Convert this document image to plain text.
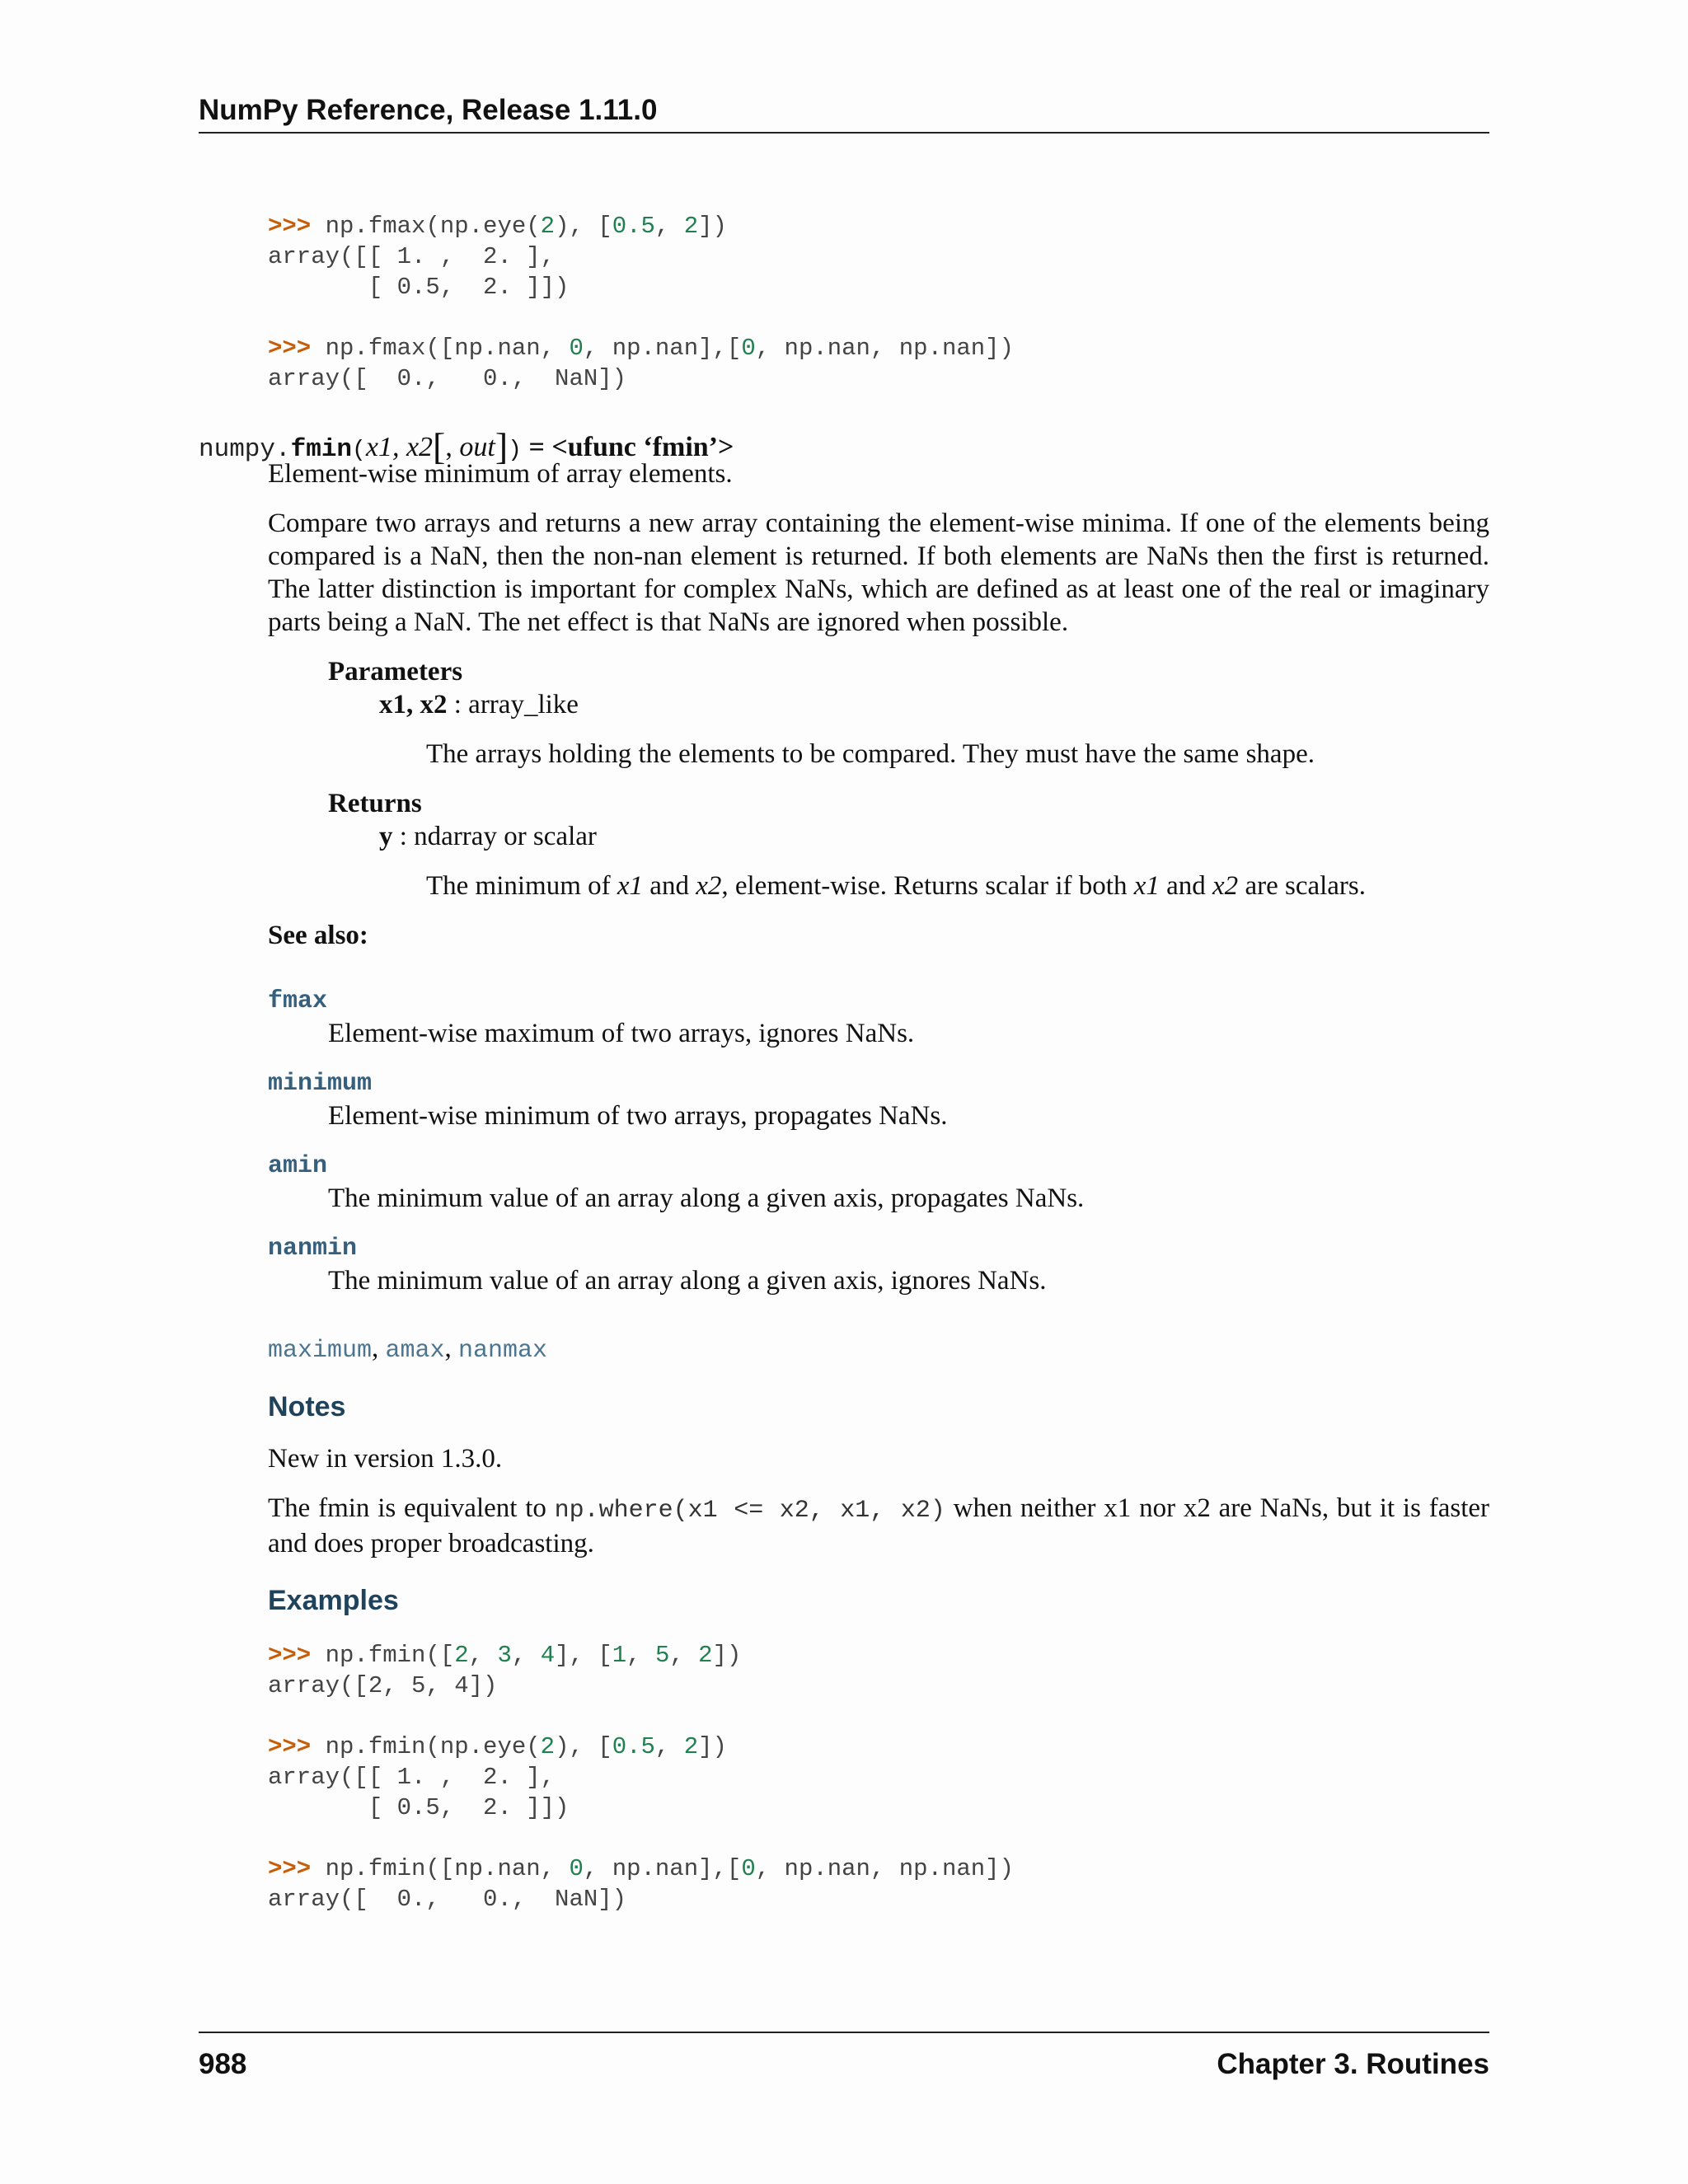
NumPy Reference, Release 1.11.0
>>> np.fmax(np.eye(2), [0.5, 2])
array([[ 1. ,  2. ],
[ 0.5,  2. ]])
>>> np.fmax([np.nan, 0, np.nan],[0, np.nan, np.nan])
array([  0.,   0.,  NaN])
numpy.fmin(x1, x2[, out]) = <ufunc ‘fmin’>
Element-wise minimum of array elements.
Compare two arrays and returns a new array containing the element-wise minima. If one of the elements being compared is a NaN, then the non-nan element is returned. If both elements are NaNs then the first is returned. The latter distinction is important for complex NaNs, which are defined as at least one of the real or imaginary parts being a NaN. The net effect is that NaNs are ignored when possible.
Parameters
x1, x2 : array_like
The arrays holding the elements to be compared. They must have the same shape.
Returns
y : ndarray or scalar
The minimum of x1 and x2, element-wise. Returns scalar if both x1 and x2 are scalars.
See also:
fmax
Element-wise maximum of two arrays, ignores NaNs.
minimum
Element-wise minimum of two arrays, propagates NaNs.
amin
The minimum value of an array along a given axis, propagates NaNs.
nanmin
The minimum value of an array along a given axis, ignores NaNs.
maximum, amax, nanmax
Notes
New in version 1.3.0.
The fmin is equivalent to np.where(x1 <= x2, x1, x2) when neither x1 nor x2 are NaNs, but it is faster and does proper broadcasting.
Examples
>>> np.fmin([2, 3, 4], [1, 5, 2])
array([2, 5, 4])
>>> np.fmin(np.eye(2), [0.5, 2])
array([[ 1. ,  2. ],
[ 0.5,  2. ]])
>>> np.fmin([np.nan, 0, np.nan],[0, np.nan, np.nan])
array([  0.,   0.,  NaN])
988	Chapter 3. Routines
